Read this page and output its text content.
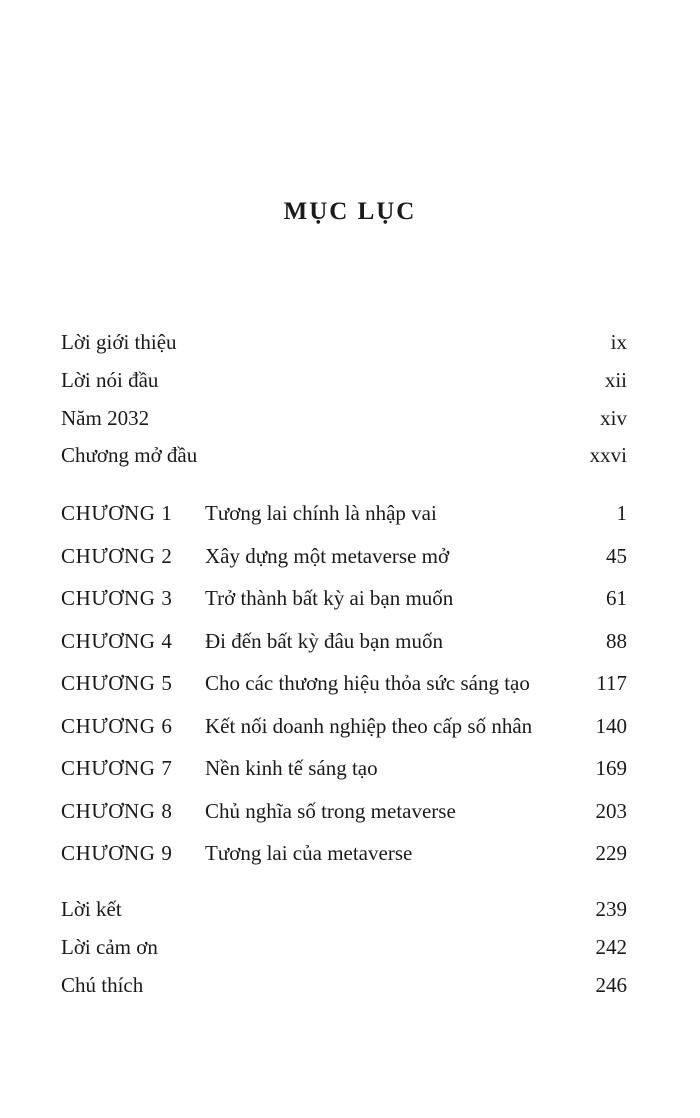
MỤC LỤC
Lời giới thiệu	ix
Lời nói đầu	xii
Năm 2032	xiv
Chương mở đầu	xxvi
CHƯƠNG 1 Tương lai chính là nhập vai	1
CHƯƠNG 2 Xây dựng một metaverse mở	45
CHƯƠNG 3 Trở thành bất kỳ ai bạn muốn	61
CHƯƠNG 4 Đi đến bất kỳ đâu bạn muốn	88
CHƯƠNG 5 Cho các thương hiệu thỏa sức sáng tạo	117
CHƯƠNG 6 Kết nối doanh nghiệp theo cấp số nhân	140
CHƯƠNG 7 Nền kinh tế sáng tạo	169
CHƯƠNG 8 Chủ nghĩa số trong metaverse	203
CHƯƠNG 9 Tương lai của metaverse	229
Lời kết	239
Lời cảm ơn	242
Chú thích	246
